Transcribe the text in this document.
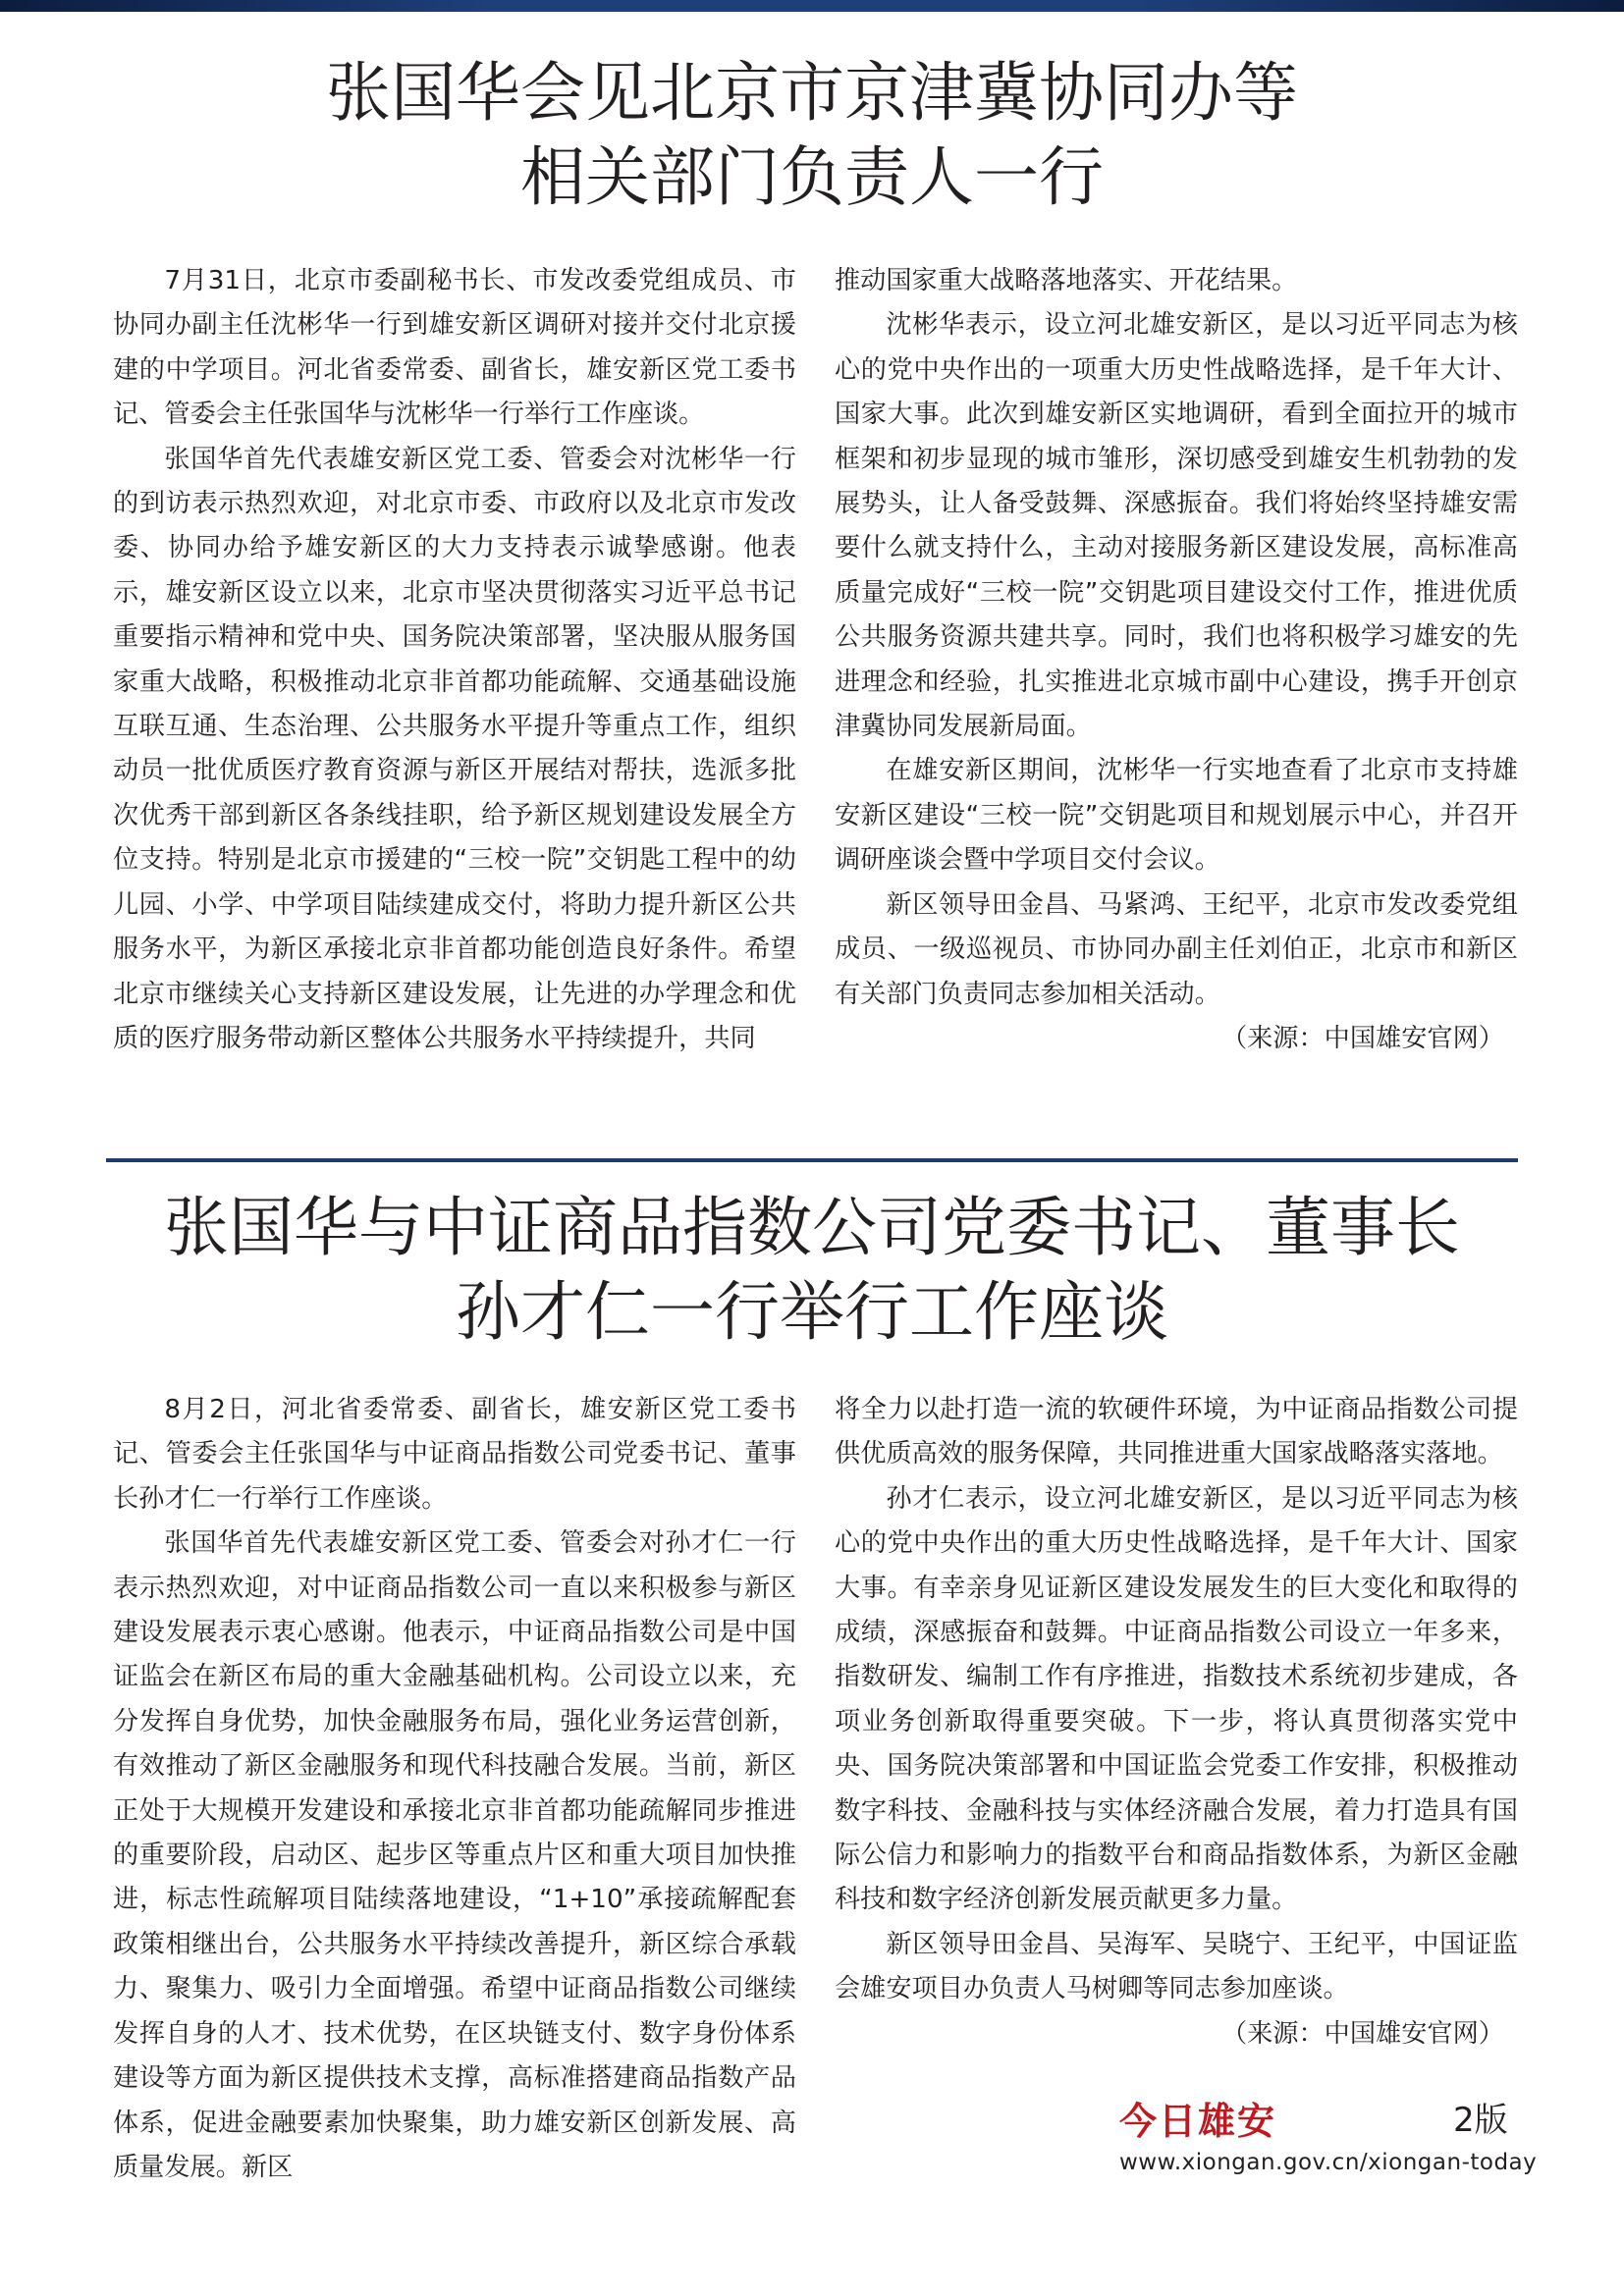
张国华会见北京市京津冀协同办等
相关部门负责人一行

7月31日，北京市委副秘书长、市发改委党组成员、市协同办副主任沈彬华一行到雄安新区调研对接并交付北京援建的中学项目。河北省委常委、副省长，雄安新区党工委书记、管委会主任张国华与沈彬华一行举行工作座谈。

张国华首先代表雄安新区党工委、管委会对沈彬华一行的到访表示热烈欢迎，对北京市委、市政府以及北京市发改委、协同办给予雄安新区的大力支持表示诚挚感谢。他表示，雄安新区设立以来，北京市坚决贯彻落实习近平总书记重要指示精神和党中央、国务院决策部署，坚决服从服务国家重大战略，积极推动北京非首都功能疏解、交通基础设施互联互通、生态治理、公共服务水平提升等重点工作，组织动员一批优质医疗教育资源与新区开展结对帮扶，选派多批次优秀干部到新区各条线挂职，给予新区规划建设发展全方位支持。特别是北京市援建的“三校一院”交钥匙工程中的幼儿园、小学、中学项目陆续建成交付，将助力提升新区公共服务水平，为新区承接北京非首都功能创造良好条件。希望北京市继续关心支持新区建设发展，让先进的办学理念和优质的医疗服务带动新区整体公共服务水平持续提升，共同

推动国家重大战略落地落实、开花结果。

沈彬华表示，设立河北雄安新区，是以习近平同志为核心的党中央作出的一项重大历史性战略选择，是千年大计、国家大事。此次到雄安新区实地调研，看到全面拉开的城市框架和初步显现的城市雏形，深切感受到雄安生机勃勃的发展势头，让人备受鼓舞、深感振奋。我们将始终坚持雄安需要什么就支持什么，主动对接服务新区建设发展，高标准高质量完成好“三校一院”交钥匙项目建设交付工作，推进优质公共服务资源共建共享。同时，我们也将积极学习雄安的先进理念和经验，扎实推进北京城市副中心建设，携手开创京津冀协同发展新局面。

在雄安新区期间，沈彬华一行实地查看了北京市支持雄安新区建设“三校一院”交钥匙项目和规划展示中心，并召开调研座谈会暨中学项目交付会议。

新区领导田金昌、马紧鸿、王纪平，北京市发改委党组成员、一级巡视员、市协同办副主任刘伯正，北京市和新区有关部门负责同志参加相关活动。

（来源：中国雄安官网）

张国华与中证商品指数公司党委书记、董事长
孙才仁一行举行工作座谈

8月2日，河北省委常委、副省长，雄安新区党工委书记、管委会主任张国华与中证商品指数公司党委书记、董事长孙才仁一行举行工作座谈。

张国华首先代表雄安新区党工委、管委会对孙才仁一行表示热烈欢迎，对中证商品指数公司一直以来积极参与新区建设发展表示衷心感谢。他表示，中证商品指数公司是中国证监会在新区布局的重大金融基础机构。公司设立以来，充分发挥自身优势，加快金融服务布局，强化业务运营创新，有效推动了新区金融服务和现代科技融合发展。当前，新区正处于大规模开发建设和承接北京非首都功能疏解同步推进的重要阶段，启动区、起步区等重点片区和重大项目加快推进，标志性疏解项目陆续落地建设，“1+10”承接疏解配套政策相继出台，公共服务水平持续改善提升，新区综合承载力、聚集力、吸引力全面增强。希望中证商品指数公司继续发挥自身的人才、技术优势，在区块链支付、数字身份体系建设等方面为新区提供技术支撑，高标准搭建商品指数产品体系，促进金融要素加快聚集，助力雄安新区创新发展、高质量发展。新区

将全力以赴打造一流的软硬件环境，为中证商品指数公司提供优质高效的服务保障，共同推进重大国家战略落实落地。

孙才仁表示，设立河北雄安新区，是以习近平同志为核心的党中央作出的重大历史性战略选择，是千年大计、国家大事。有幸亲身见证新区建设发展发生的巨大变化和取得的成绩，深感振奋和鼓舞。中证商品指数公司设立一年多来，指数研发、编制工作有序推进，指数技术系统初步建成，各项业务创新取得重要突破。下一步，将认真贯彻落实党中央、国务院决策部署和中国证监会党委工作安排，积极推动数字科技、金融科技与实体经济融合发展，着力打造具有国际公信力和影响力的指数平台和商品指数体系，为新区金融科技和数字经济创新发展贡献更多力量。

新区领导田金昌、吴海军、吴晓宁、王纪平，中国证监会雄安项目办负责人马树卿等同志参加座谈。

（来源：中国雄安官网）

今日雄安	2版
www.xiongan.gov.cn/xiongan-today
